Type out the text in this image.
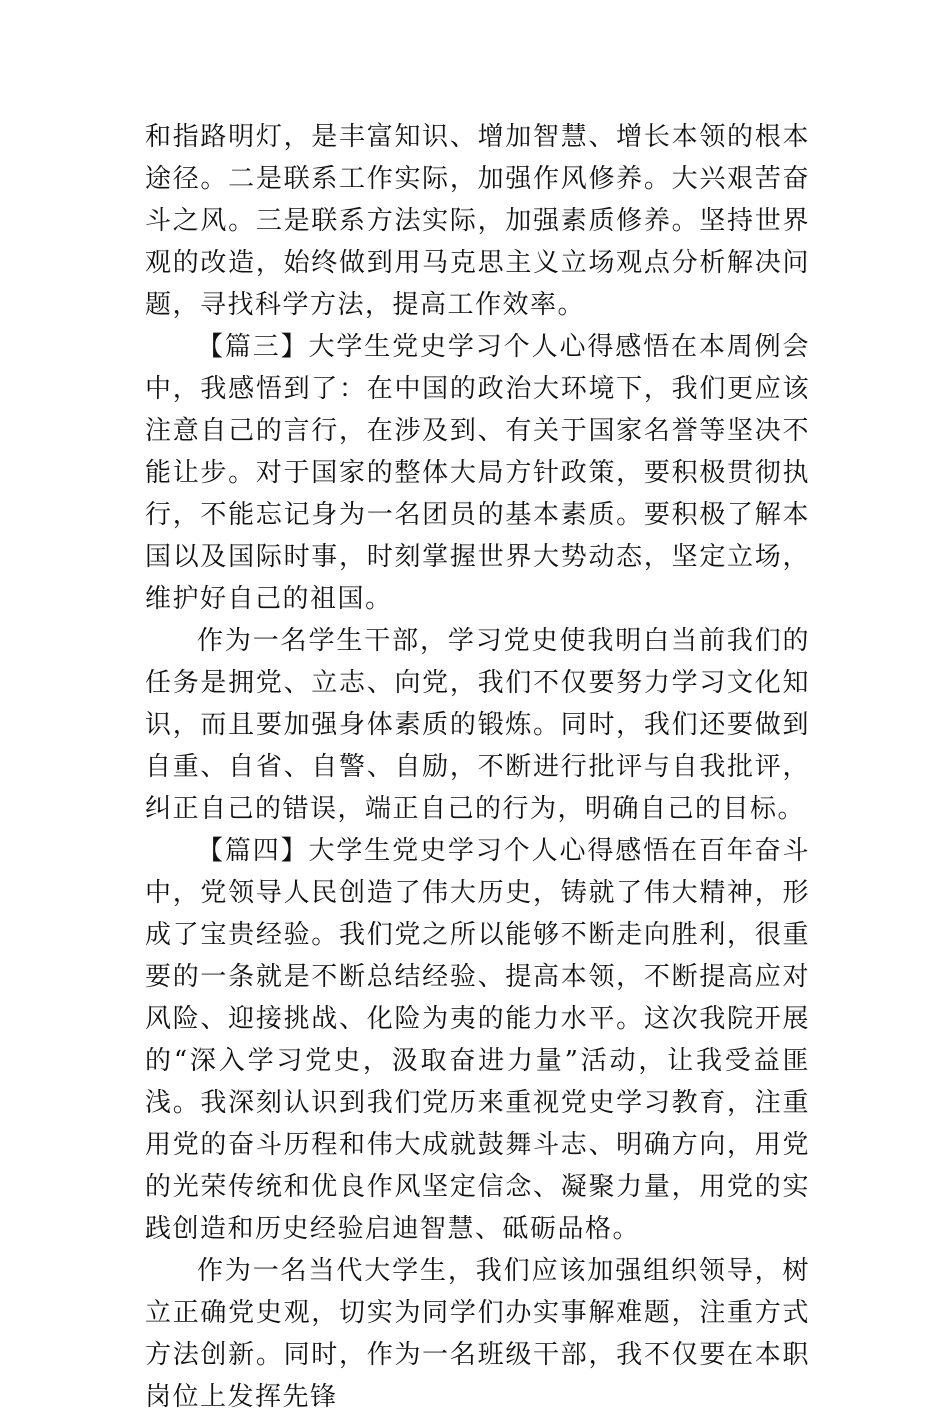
和指路明灯，是丰富知识、增加智慧、增长本领的根本途径。二是联系工作实际，加强作风修养。大兴艰苦奋斗之风。三是联系方法实际，加强素质修养。坚持世界观的改造，始终做到用马克思主义立场观点分析解决问题，寻找科学方法，提高工作效率。

【篇三】大学生党史学习个人心得感悟在本周例会中，我感悟到了：在中国的政治大环境下，我们更应该注意自己的言行，在涉及到、有关于国家名誉等坚决不能让步。对于国家的整体大局方针政策，要积极贯彻执行，不能忘记身为一名团员的基本素质。要积极了解本国以及国际时事，时刻掌握世界大势动态，坚定立场，维护好自己的祖国。

作为一名学生干部，学习党史使我明白当前我们的任务是拥党、立志、向党，我们不仅要努力学习文化知识，而且要加强身体素质的锻炼。同时，我们还要做到自重、自省、自警、自励，不断进行批评与自我批评，纠正自己的错误，端正自己的行为，明确自己的目标。

【篇四】大学生党史学习个人心得感悟在百年奋斗中，党领导人民创造了伟大历史，铸就了伟大精神，形成了宝贵经验。我们党之所以能够不断走向胜利，很重要的一条就是不断总结经验、提高本领，不断提高应对风险、迎接挑战、化险为夷的能力水平。这次我院开展的“深入学习党史，汲取奋进力量”活动，让我受益匪浅。我深刻认识到我们党历来重视党史学习教育，注重用党的奋斗历程和伟大成就鼓舞斗志、明确方向，用党的光荣传统和优良作风坚定信念、凝聚力量，用党的实践创造和历史经验启迪智慧、砥砺品格。

作为一名当代大学生，我们应该加强组织领导，树立正确党史观，切实为同学们办实事解难题，注重方式方法创新。同时，作为一名班级干部，我不仅要在本职岗位上发挥先锋
